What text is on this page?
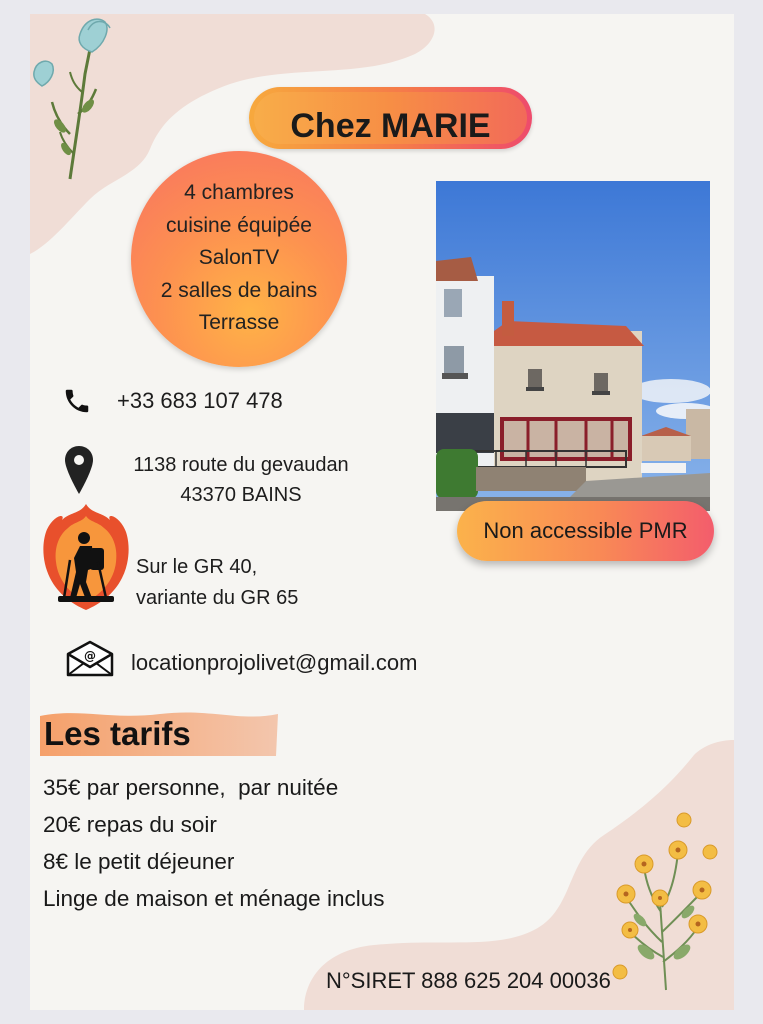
Chez MARIE
4 chambres
cuisine équipée
SalonTV
2 salles de bains
Terrasse
Non accessible PMR
+33 683 107 478
1138 route du gevaudan
43370 BAINS
Sur le GR 40,
variante du GR 65
@ locationprojolivet@gmail.com
Les tarifs
35€ par personne,  par nuitée
20€ repas du soir
8€ le petit déjeuner
Linge de maison et ménage inclus
N°SIRET 888 625 204 00036
